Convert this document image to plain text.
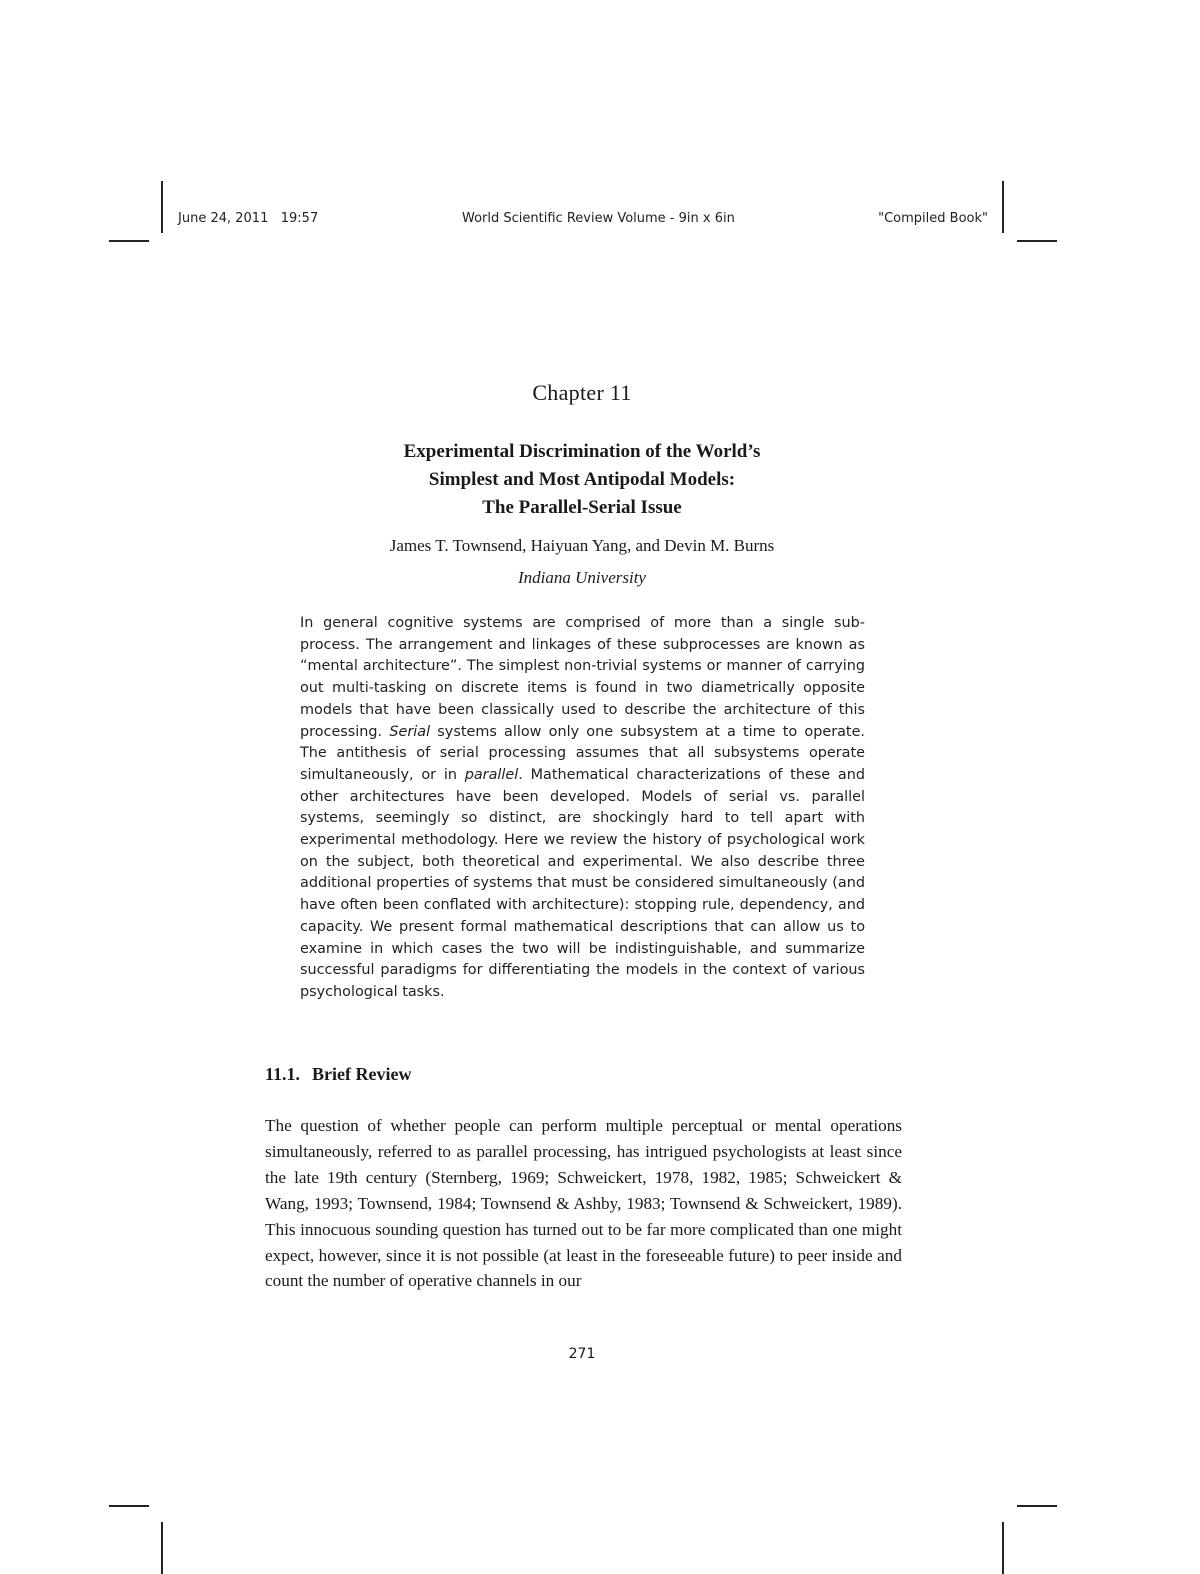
June 24, 2011 19:57	World Scientific Review Volume - 9in x 6in	"Compiled Book"
Chapter 11
Experimental Discrimination of the World’s
Simplest and Most Antipodal Models:
The Parallel-Serial Issue
James T. Townsend, Haiyuan Yang, and Devin M. Burns
Indiana University
In general cognitive systems are comprised of more than a single sub-process. The arrangement and linkages of these subprocesses are known as “mental architecture”. The simplest non-trivial systems or manner of carrying out multi-tasking on discrete items is found in two diametrically opposite models that have been classically used to describe the architecture of this processing. Serial systems allow only one subsystem at a time to operate. The antithesis of serial processing assumes that all subsystems operate simultaneously, or in parallel. Mathematical characterizations of these and other architectures have been developed. Models of serial vs. parallel systems, seemingly so distinct, are shockingly hard to tell apart with experimental methodology. Here we review the history of psychological work on the subject, both theoretical and experimental. We also describe three additional properties of systems that must be considered simultaneously (and have often been conflated with architecture): stopping rule, dependency, and capacity. We present formal mathematical descriptions that can allow us to examine in which cases the two will be indistinguishable, and summarize successful paradigms for differentiating the models in the context of various psychological tasks.
11.1. Brief Review
The question of whether people can perform multiple perceptual or mental operations simultaneously, referred to as parallel processing, has intrigued psychologists at least since the late 19th century (Sternberg, 1969; Schweickert, 1978, 1982, 1985; Schweickert & Wang, 1993; Townsend, 1984; Townsend & Ashby, 1983; Townsend & Schweickert, 1989). This innocuous sounding question has turned out to be far more complicated than one might expect, however, since it is not possible (at least in the foreseeable future) to peer inside and count the number of operative channels in our
271
